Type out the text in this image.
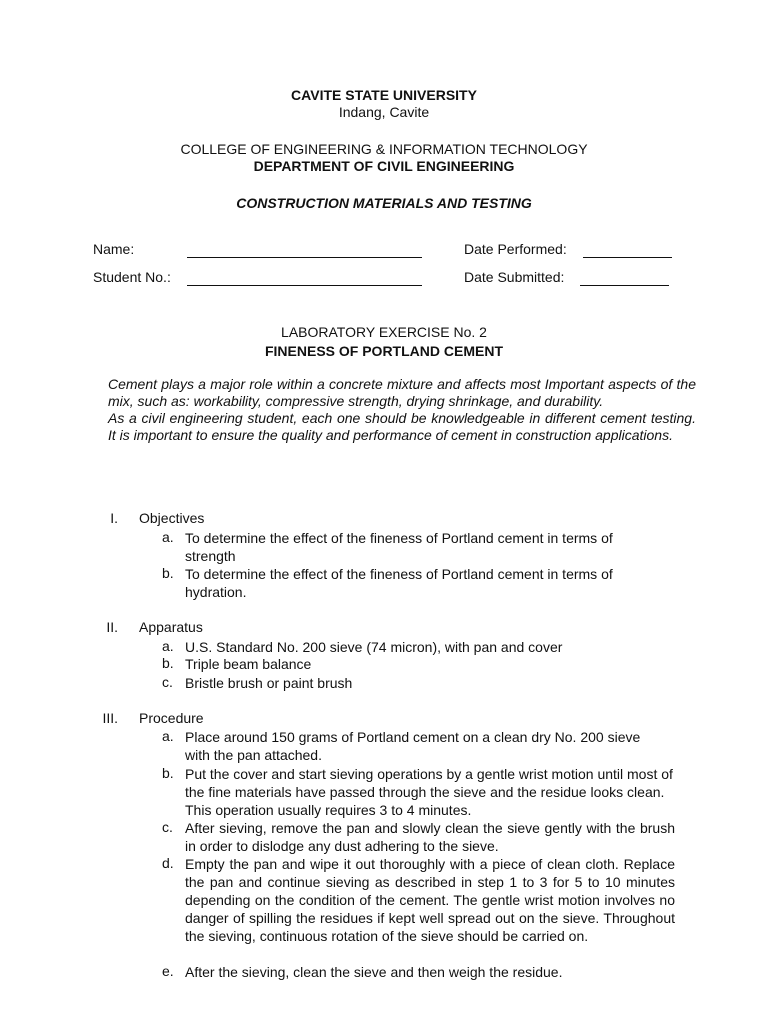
CAVITE STATE UNIVERSITY
Indang, Cavite
COLLEGE OF ENGINEERING & INFORMATION TECHNOLOGY
DEPARTMENT OF CIVIL ENGINEERING
CONSTRUCTION MATERIALS AND TESTING
Name:	Date Performed:
Student No.:	Date Submitted:
LABORATORY EXERCISE No. 2
FINENESS OF PORTLAND CEMENT

Cement plays a major role within a concrete mixture and affects most Important aspects of the mix, such as: workability, compressive strength, drying shrinkage, and durability.

As a civil engineering student, each one should be knowledgeable in different cement testing. It is important to ensure the quality and performance of cement in construction applications.

I. Objectives
a. To determine the effect of the fineness of Portland cement in terms of strength
b. To determine the effect of the fineness of Portland cement in terms of hydration.
II. Apparatus
a. U.S. Standard No. 200 sieve (74 micron), with pan and cover
b. Triple beam balance
c. Bristle brush or paint brush
III. Procedure
a. Place around 150 grams of Portland cement on a clean dry No. 200 sieve with the pan attached.
b. Put the cover and start sieving operations by a gentle wrist motion until most of the fine materials have passed through the sieve and the residue looks clean. This operation usually requires 3 to 4 minutes.
c. After sieving, remove the pan and slowly clean the sieve gently with the brush in order to dislodge any dust adhering to the sieve.
d. Empty the pan and wipe it out thoroughly with a piece of clean cloth. Replace the pan and continue sieving as described in step 1 to 3 for 5 to 10 minutes depending on the condition of the cement. The gentle wrist motion involves no danger of spilling the residues if kept well spread out on the sieve. Throughout the sieving, continuous rotation of the sieve should be carried on.
e. After the sieving, clean the sieve and then weigh the residue.
